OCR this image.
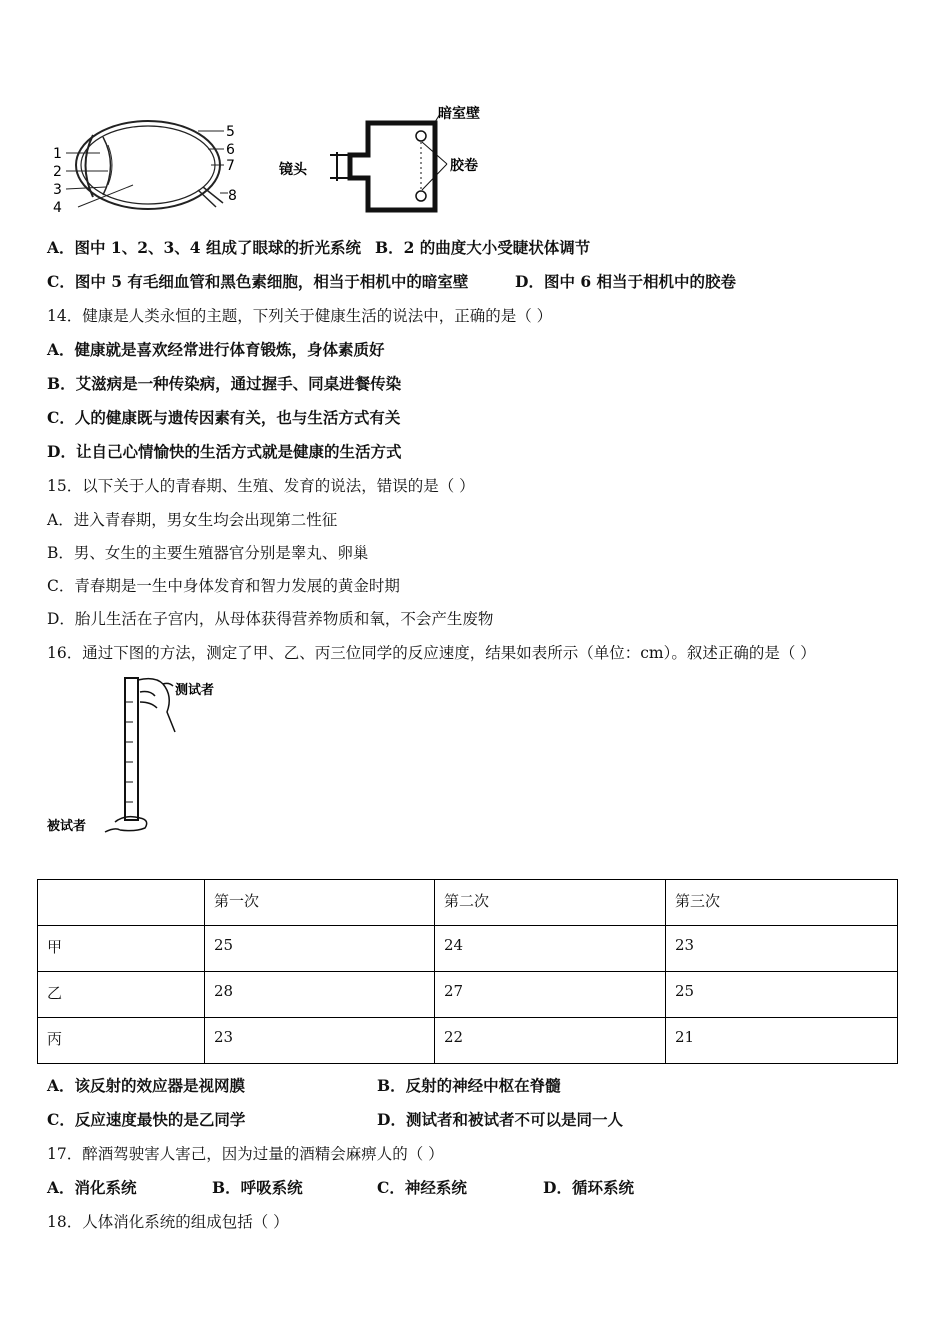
1
2
3
4
5
6
7
8
暗室壁
镜头	胶卷
A．图中 1、2、3、4 组成了眼球的折光系统 B．2 的曲度大小受睫状体调节
C．图中 5 有毛细血管和黑色素细胞，相当于相机中的暗室壁	D．图中 6 相当于相机中的胶卷
14．健康是人类永恒的主题，下列关于健康生活的说法中，正确的是（ ）
A．健康就是喜欢经常进行体育锻炼，身体素质好
B．艾滋病是一种传染病，通过握手、同桌进餐传染
C．人的健康既与遗传因素有关，也与生活方式有关
D．让自己心情愉快的生活方式就是健康的生活方式
15．以下关于人的青春期、生殖、发育的说法，错误的是（ ）
A．进入青春期，男女生均会出现第二性征
B．男、女生的主要生殖器官分别是睾丸、卵巢
C．青春期是一生中身体发育和智力发展的黄金时期
D．胎儿生活在子宫内，从母体获得营养物质和氧，不会产生废物
16．通过下图的方法，测定了甲、乙、丙三位同学的反应速度，结果如表所示（单位：cm）。叙述正确的是（ ）
测试者
被试者
	第一次	第二次	第三次
甲	25	24	23
乙	28	27	25
丙	23	22	21
A．该反射的效应器是视网膜	B．反射的神经中枢在脊髓
C．反应速度最快的是乙同学	D．测试者和被试者不可以是同一人
17．醉酒驾驶害人害己，因为过量的酒精会麻痹人的（ ）
A．消化系统	B．呼吸系统	C．神经系统	D．循环系统
18．人体消化系统的组成包括（ ）
